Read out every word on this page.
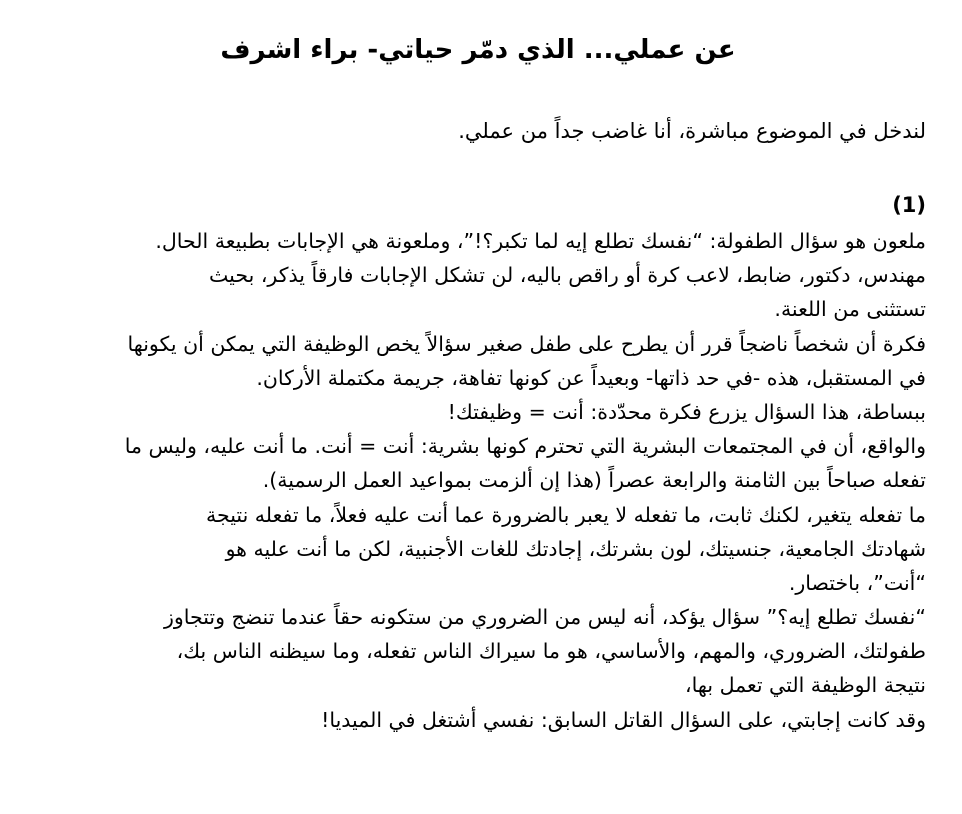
عن عملي... الذي دمّر حياتي- براء اشرف

لندخل في الموضوع مباشرة، أنا غاضب جداً من عملي.

(1)

ملعون هو سؤال الطفولة: “نفسك تطلع إيه لما تكبر؟!”، وملعونة هي الإجابات بطبيعة الحال.

مهندس، دكتور، ضابط، لاعب كرة أو راقص باليه، لن تشكل الإجابات فارقاً يذكر، بحيث

تستثنى من اللعنة.

فكرة أن شخصاً ناضجاً قرر أن يطرح على طفل صغير سؤالاً يخص الوظيفة التي يمكن أن يكونها

في المستقبل، هذه -في حد ذاتها- وبعيداً عن كونها تفاهة، جريمة مكتملة الأركان.

ببساطة، هذا السؤال يزرع فكرة محدّدة: أنت = وظيفتك!

والواقع، أن في المجتمعات البشرية التي تحترم كونها بشرية: أنت = أنت. ما أنت عليه، وليس ما

تفعله صباحاً بين الثامنة والرابعة عصراً (هذا إن ألزمت بمواعيد العمل الرسمية).

ما تفعله يتغير، لكنك ثابت، ما تفعله لا يعبر بالضرورة عما أنت عليه فعلاً، ما تفعله نتيجة

شهادتك الجامعية، جنسيتك، لون بشرتك، إجادتك للغات الأجنبية، لكن ما أنت عليه هو

“أنت”، باختصار.

“نفسك تطلع إيه؟” سؤال يؤكد، أنه ليس من الضروري من ستكونه حقاً عندما تنضج وتتجاوز

طفولتك، الضروري، والمهم، والأساسي، هو ما سيراك الناس تفعله، وما سيظنه الناس بك،

نتيجة الوظيفة التي تعمل بها،

وقد كانت إجابتي، على السؤال القاتل السابق: نفسي أشتغل في الميديا!
